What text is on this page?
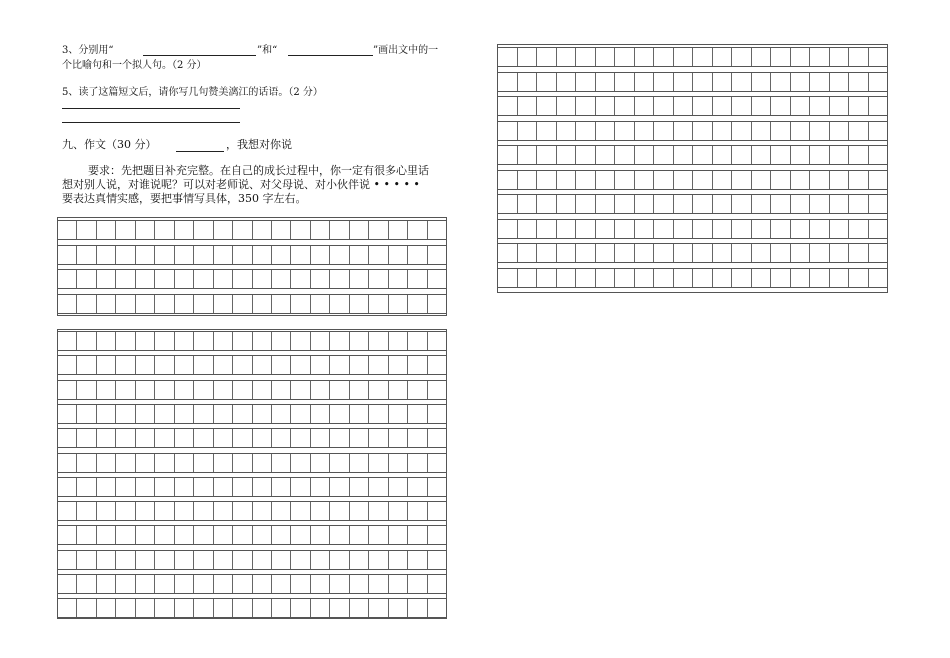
3、分别用“	”和“	”画出文中的一
个比喻句和一个拟人句。（2 分）
5、读了这篇短文后，请你写几句赞美漓江的话语。（2 分）
九、作文（30 分）	，我想对你说
要求：先把题目补充完整。在自己的成长过程中，你一定有很多心里话
想对别人说，对谁说呢？可以对老师说、对父母说、对小伙伴说 • • • • •
要表达真情实感，要把事情写具体，350 字左右。
